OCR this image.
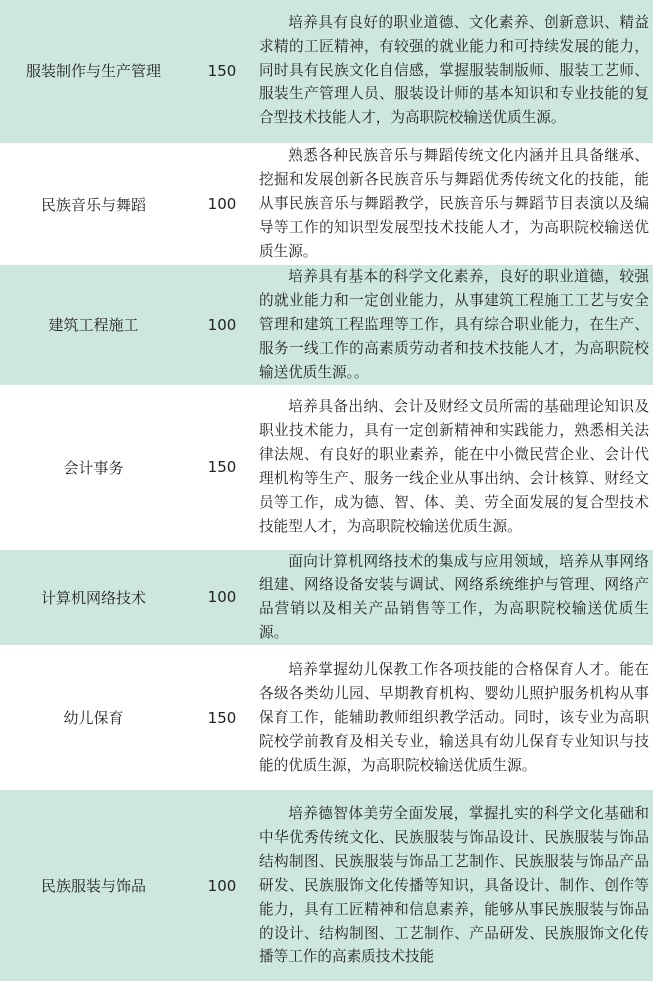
服装制作与生产管理	150	培养具有良好的职业道德、文化素养、创新意识、精益求精的工匠精神，有较强的就业能力和可持续发展的能力，同时具有民族文化自信感，掌握服装制版师、服装工艺师、服装生产管理人员、服装设计师的基本知识和专业技能的复合型技术技能人才，为高职院校输送优质生源。
民族音乐与舞蹈	100	熟悉各种民族音乐与舞蹈传统文化内涵并且具备继承、挖掘和发展创新各民族音乐与舞蹈优秀传统文化的技能，能从事民族音乐与舞蹈教学，民族音乐与舞蹈节目表演以及编导等工作的知识型发展型技术技能人才，为高职院校输送优质生源。
建筑工程施工	100	培养具有基本的科学文化素养，良好的职业道德，较强的就业能力和一定创业能力，从事建筑工程施工工艺与安全管理和建筑工程监理等工作，具有综合职业能力，在生产、服务一线工作的高素质劳动者和技术技能人才，为高职院校输送优质生源。。
会计事务	150	培养具备出纳、会计及财经文员所需的基础理论知识及职业技术能力，具有一定创新精神和实践能力，熟悉相关法律法规、有良好的职业素养，能在中小微民营企业、会计代理机构等生产、服务一线企业从事出纳、会计核算、财经文员等工作，成为德、智、体、美、劳全面发展的复合型技术技能型人才，为高职院校输送优质生源。
计算机网络技术	100	面向计算机网络技术的集成与应用领域，培养从事网络组建、网络设备安装与调试、网络系统维护与管理、网络产品营销以及相关产品销售等工作，为高职院校输送优质生源。
幼儿保育	150	培养掌握幼儿保教工作各项技能的合格保育人才。能在各级各类幼儿园、早期教育机构、婴幼儿照护服务机构从事保育工作，能辅助教师组织教学活动。同时，该专业为高职院校学前教育及相关专业，输送具有幼儿保育专业知识与技能的优质生源，为高职院校输送优质生源。
民族服装与饰品	100	培养德智体美劳全面发展，掌握扎实的科学文化基础和中华优秀传统文化、民族服装与饰品设计、民族服装与饰品结构制图、民族服装与饰品工艺制作、民族服装与饰品产品研发、民族服饰文化传播等知识，具备设计、制作、创作等能力，具有工匠精神和信息素养，能够从事民族服装与饰品的设计、结构制图、工艺制作、产品研发、民族服饰文化传播等工作的高素质技术技能
